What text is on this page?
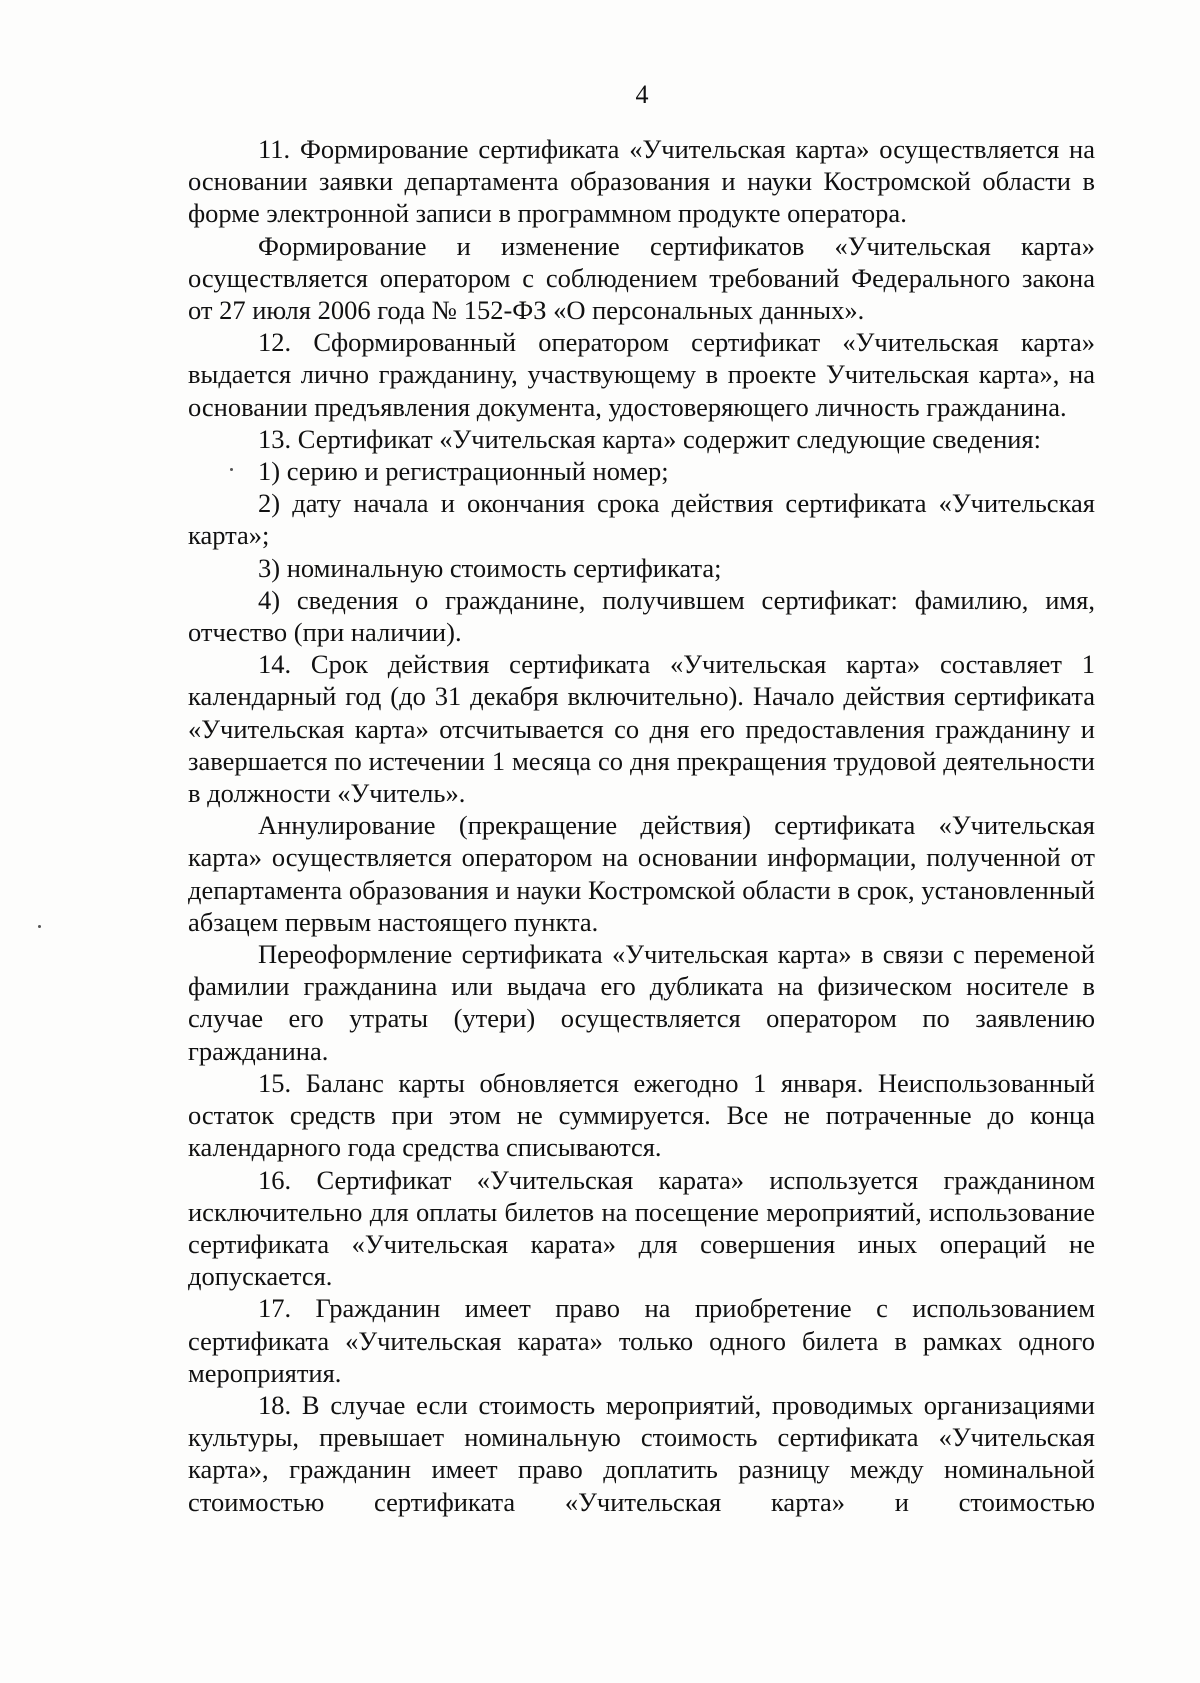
4

11. Формирование сертификата «Учительская карта» осуществляется на основании заявки департамента образования и науки Костромской области в форме электронной записи в программном продукте оператора.

Формирование и изменение сертификатов «Учительская карта» осуществляется оператором с соблюдением требований Федерального закона от 27 июля 2006 года № 152-ФЗ «О персональных данных».

12. Сформированный оператором сертификат «Учительская карта» выдается лично гражданину, участвующему в проекте Учительская карта», на основании предъявления документа, удостоверяющего личность гражданина.

13. Сертификат «Учительская карта» содержит следующие сведения:

1) серию и регистрационный номер;

2) дату начала и окончания срока действия сертификата «Учительская карта»;

3) номинальную стоимость сертификата;

4) сведения о гражданине, получившем сертификат: фамилию, имя, отчество (при наличии).

14. Срок действия сертификата «Учительская карта» составляет 1 календарный год (до 31 декабря включительно). Начало действия сертификата «Учительская карта» отсчитывается со дня его предоставления гражданину и завершается по истечении 1 месяца со дня прекращения трудовой деятельности в должности «Учитель».

Аннулирование (прекращение действия) сертификата «Учительская карта» осуществляется оператором на основании информации, полученной от департамента образования и науки Костромской области в срок, установленный абзацем первым настоящего пункта.

Переоформление сертификата «Учительская карта» в связи с переменой фамилии гражданина или выдача его дубликата на физическом носителе в случае его утраты (утери) осуществляется оператором по заявлению гражданина.

15. Баланс карты обновляется ежегодно 1 января. Неиспользованный остаток средств при этом не суммируется. Все не потраченные до конца календарного года средства списываются.

16. Сертификат «Учительская карата» используется гражданином исключительно для оплаты билетов на посещение мероприятий, использование сертификата «Учительская карата» для совершения иных операций не допускается.

17. Гражданин имеет право на приобретение с использованием сертификата «Учительская карата» только одного билета в рамках одного мероприятия.

18. В случае если стоимость мероприятий, проводимых организациями культуры, превышает номинальную стоимость сертификата «Учительская карта», гражданин имеет право доплатить разницу между номинальной стоимостью сертификата «Учительская карта» и стоимостью
